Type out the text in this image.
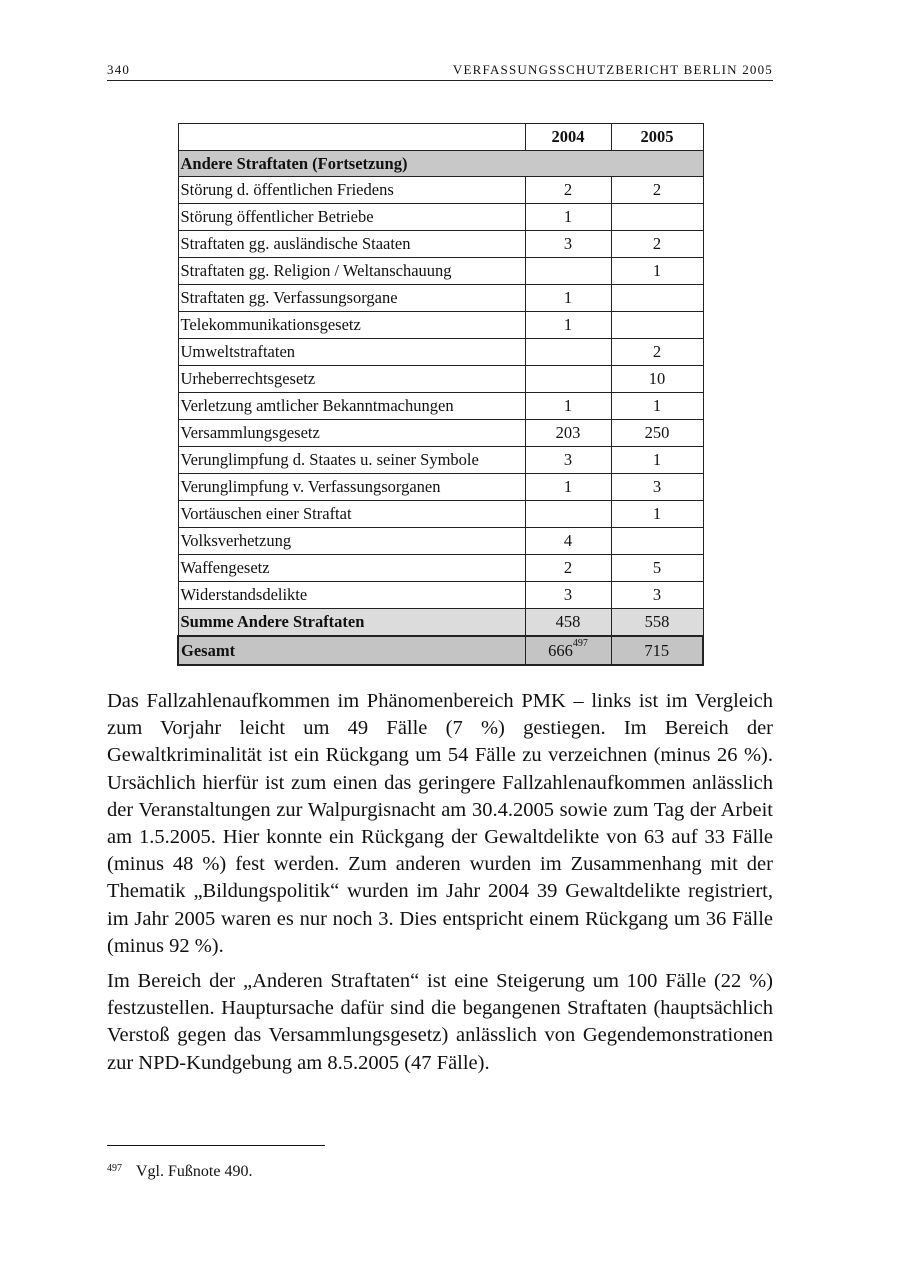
340	VERFASSUNGSSCHUTZBERICHT BERLIN 2005
	2004	2005
Andere Straftaten (Fortsetzung)		
Störung d. öffentlichen Friedens	2	2
Störung öffentlicher Betriebe	1	
Straftaten gg. ausländische Staaten	3	2
Straftaten gg. Religion / Weltanschauung		1
Straftaten gg. Verfassungsorgane	1	
Telekommunikationsgesetz	1	
Umweltstraftaten		2
Urheberrechtsgesetz		10
Verletzung amtlicher Bekanntmachungen	1	1
Versammlungsgesetz	203	250
Verunglimpfung d. Staates u. seiner Symbole	3	1
Verunglimpfung v. Verfassungsorganen	1	3
Vortäuschen einer Straftat		1
Volksverhetzung	4	
Waffengesetz	2	5
Widerstandsdelikte	3	3
Summe Andere Straftaten	458	558
Gesamt	$666^{497}$	715

Das Fallzahlenaufkommen im Phänomenbereich PMK – links ist im Vergleich zum Vorjahr leicht um 49 Fälle (7 %) gestiegen. Im Bereich der Gewaltkriminalität ist ein Rückgang um 54 Fälle zu verzeichnen (minus 26 %). Ursächlich hierfür ist zum einen das geringere Fallzahlenaufkommen anlässlich der Veranstaltungen zur Walpurgisnacht am 30.4.2005 sowie zum Tag der Arbeit am 1.5.2005. Hier konnte ein Rückgang der Gewaltdelikte von 63 auf 33 Fälle (minus 48 %) fest werden. Zum anderen wurden im Zusammenhang mit der Thematik „Bildungspolitik“ wurden im Jahr 2004 39 Gewaltdelikte registriert, im Jahr 2005 waren es nur noch 3. Dies entspricht einem Rückgang um 36 Fälle (minus 92 %).

Im Bereich der „Anderen Straftaten“ ist eine Steigerung um 100 Fälle (22 %) festzustellen. Hauptursache dafür sind die begangenen Straftaten (hauptsächlich Verstoß gegen das Versammlungsgesetz) anlässlich von Gegendemonstrationen zur NPD-Kundgebung am 8.5.2005 (47 Fälle).

$^{497}$ Vgl. Fußnote 490.
